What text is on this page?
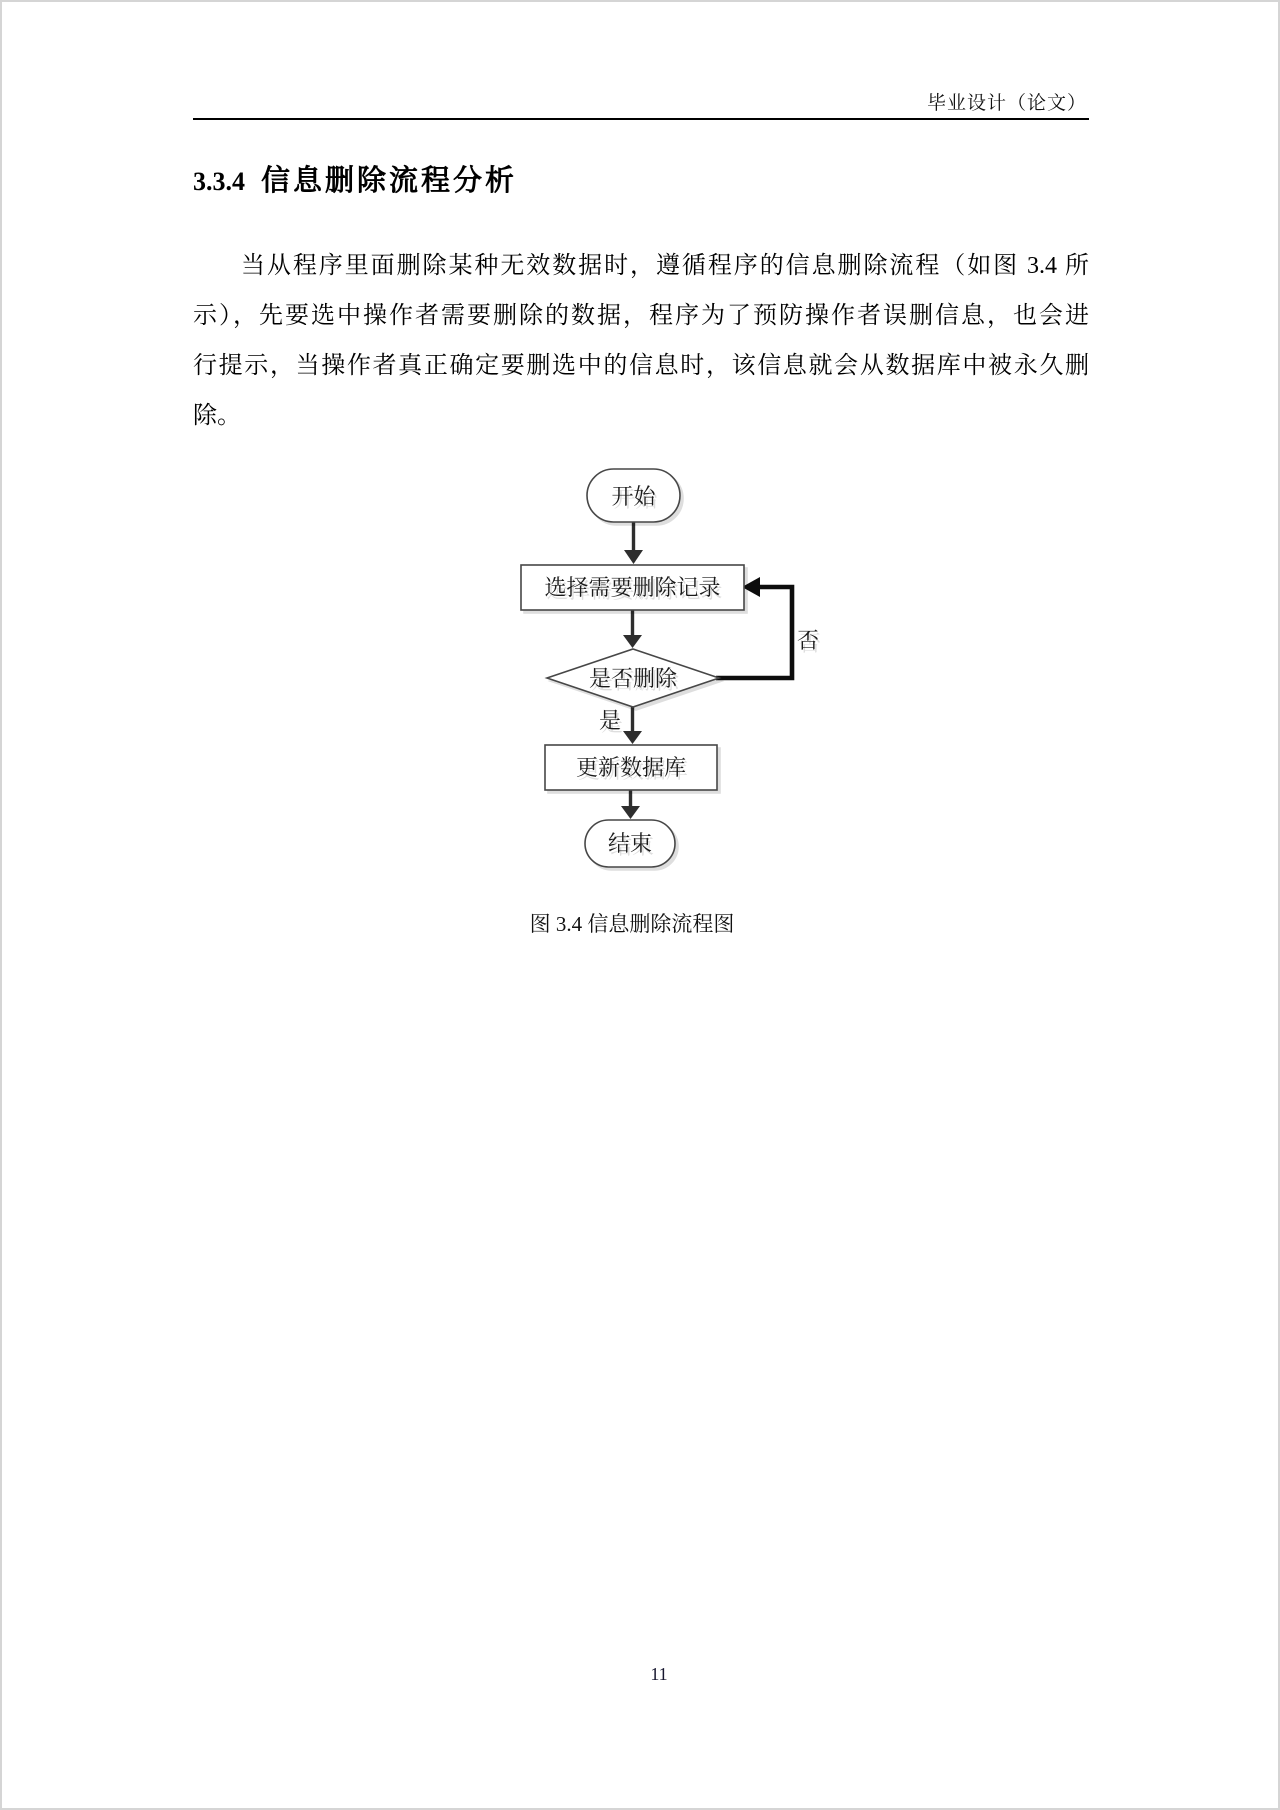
毕业设计（论文）
3.3.4 信息删除流程分析
当从程序里面删除某种无效数据时，遵循程序的信息删除流程（如图 3.4 所
示），先要选中操作者需要删除的数据，程序为了预防操作者误删信息，也会进
行提示，当操作者真正确定要删选中的信息时，该信息就会从数据库中被永久删
除。
开始
选择需要删除记录
是否删除
更新数据库
结束
是
否
图 3.4 信息删除流程图
11
